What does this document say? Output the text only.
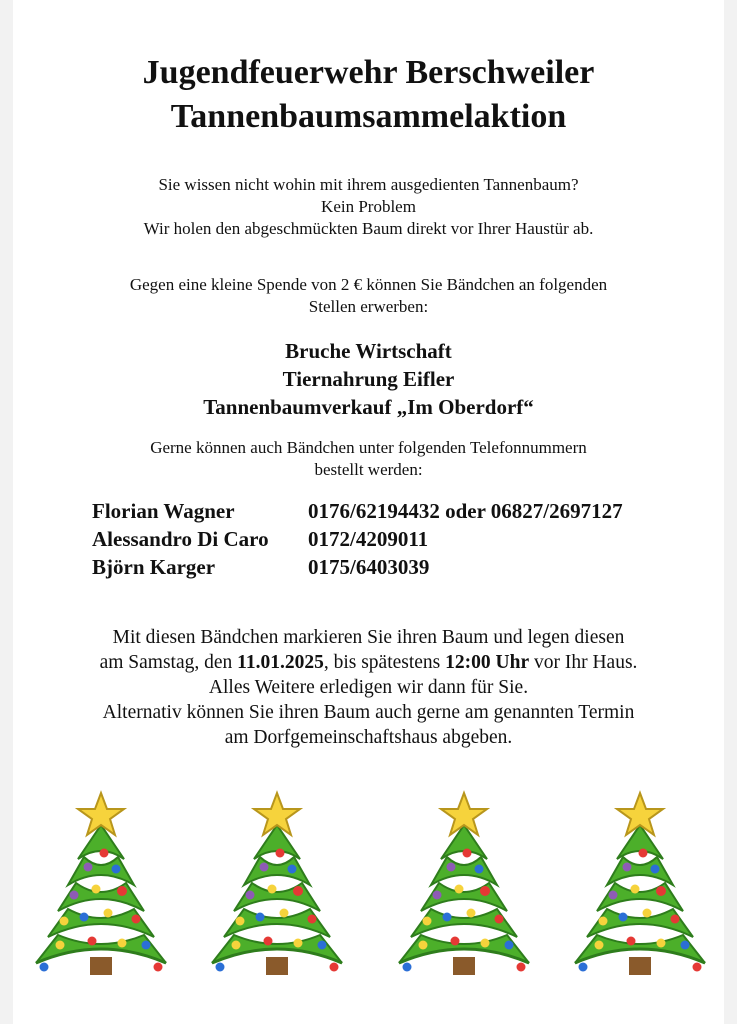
Jugendfeuerwehr Berschweiler
Tannenbaumsammelaktion
Sie wissen nicht wohin mit ihrem ausgedienten Tannenbaum?
Kein Problem
Wir holen den abgeschmückten Baum direkt vor Ihrer Haustür ab.
Gegen eine kleine Spende von 2 € können Sie Bändchen an folgenden
Stellen erwerben:
Bruche Wirtschaft
Tiernahrung Eifler
Tannenbaumverkauf „Im Oberdorf“
Gerne können auch Bändchen unter folgenden Telefonnummern
bestellt werden:
Florian Wagner	0176/62194432 oder 06827/2697127
Alessandro Di Caro	0172/4209011
Björn Karger	0175/6403039
Mit diesen Bändchen markieren Sie ihren Baum und legen diesen
am Samstag, den 11.01.2025, bis spätestens 12:00 Uhr vor Ihr Haus.
Alles Weitere erledigen wir dann für Sie.
Alternativ können Sie ihren Baum auch gerne am genannten Termin
am Dorfgemeinschaftshaus abgeben.
